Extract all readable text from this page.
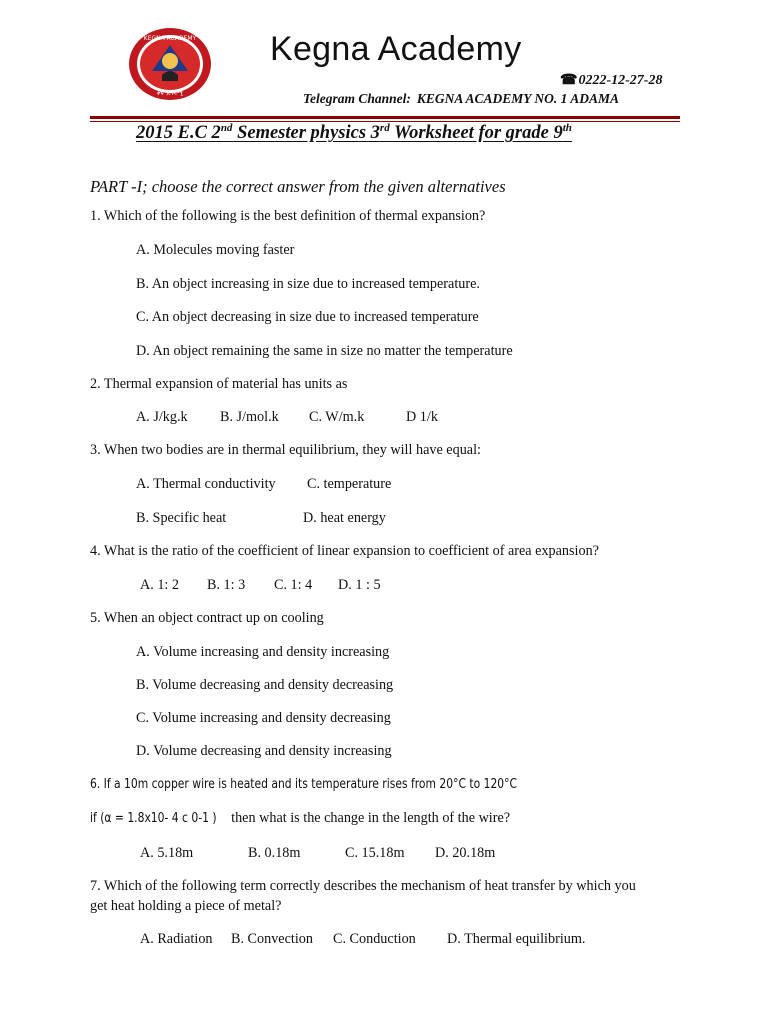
KEGNA ACADEMY
ቀኛ አካዳሚ
Kegna Academy
☎0222-12-27-28
Telegram Channel: KEGNA ACADEMY NO. 1 ADAMA
2015 E.C 2nd Semester physics 3rd Worksheet for grade 9th
PART -I; choose the correct answer from the given alternatives
1. Which of the following is the best definition of thermal expansion?
A. Molecules moving faster
B. An object increasing in size due to increased temperature.
C. An object decreasing in size due to increased temperature
D. An object remaining the same in size no matter the temperature
2. Thermal expansion of material has units as
A. J/kg.k B. J/mol.k C. W/m.k	D 1/k
3. When two bodies are in thermal equilibrium, they will have equal:
A. Thermal conductivity C. temperature
B. Specific heat	D. heat energy
4. What is the ratio of the coefficient of linear expansion to coefficient of area expansion?
A. 1: 2 B. 1: 3 C. 1: 4 D. 1 : 5
5. When an object contract up on cooling
A. Volume increasing and density increasing
B. Volume decreasing and density decreasing
C. Volume increasing and density decreasing
D. Volume decreasing and density increasing
6. If a 10m copper wire is heated and its temperature rises from 20°C to 120°C
if (α = 1.8x10- 4 c 0-1 ) then what is the change in the length of the wire?
A. 5.18m	B. 0.18m	C. 15.18m D. 20.18m
7. Which of the following term correctly describes the mechanism of heat transfer by which you
get heat holding a piece of metal?
A. Radiation B. Convection C. Conduction D. Thermal equilibrium.
